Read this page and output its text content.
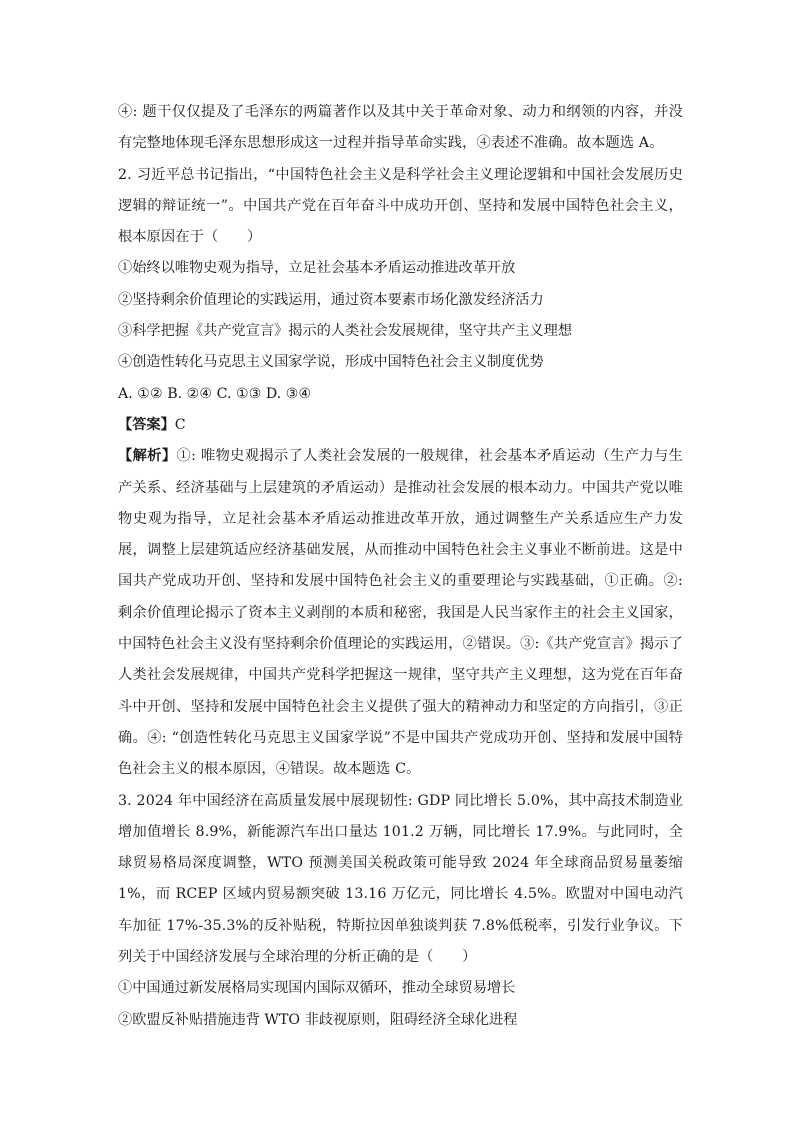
④: 题干仅仅提及了毛泽东的两篇著作以及其中关于革命对象、动力和纲领的内容，并没有完整地体现毛泽东思想形成这一过程并指导革命实践，④表述不准确。故本题选 A。

2. 习近平总书记指出，“中国特色社会主义是科学社会主义理论逻辑和中国社会发展历史逻辑的辩证统一”。中国共产党在百年奋斗中成功开创、坚持和发展中国特色社会主义，根本原因在于（　　）

①始终以唯物史观为指导，立足社会基本矛盾运动推进改革开放

②坚持剩余价值理论的实践运用，通过资本要素市场化激发经济活力

③科学把握《共产党宣言》揭示的人类社会发展规律，坚守共产主义理想

④创造性转化马克思主义国家学说，形成中国特色社会主义制度优势

A. ①② B. ②④ C. ①③ D. ③④

【答案】C

【解析】①: 唯物史观揭示了人类社会发展的一般规律，社会基本矛盾运动（生产力与生产关系、经济基础与上层建筑的矛盾运动）是推动社会发展的根本动力。中国共产党以唯物史观为指导，立足社会基本矛盾运动推进改革开放，通过调整生产关系适应生产力发展，调整上层建筑适应经济基础发展，从而推动中国特色社会主义事业不断前进。这是中国共产党成功开创、坚持和发展中国特色社会主义的重要理论与实践基础，①正确。②: 剩余价值理论揭示了资本主义剥削的本质和秘密，我国是人民当家作主的社会主义国家，中国特色社会主义没有坚持剩余价值理论的实践运用，②错误。③:《共产党宣言》揭示了人类社会发展规律，中国共产党科学把握这一规律，坚守共产主义理想，这为党在百年奋斗中开创、坚持和发展中国特色社会主义提供了强大的精神动力和坚定的方向指引，③正确。④: “创造性转化马克思主义国家学说”不是中国共产党成功开创、坚持和发展中国特色社会主义的根本原因，④错误。故本题选 C。

3. 2024 年中国经济在高质量发展中展现韧性: GDP 同比增长 5.0%，其中高技术制造业增加值增长 8.9%，新能源汽车出口量达 101.2 万辆，同比增长 17.9%。与此同时，全球贸易格局深度调整，WTO 预测美国关税政策可能导致 2024 年全球商品贸易量萎缩 1%，而 RCEP 区域内贸易额突破 13.16 万亿元，同比增长 4.5%。欧盟对中国电动汽车加征 17%-35.3%的反补贴税，特斯拉因单独谈判获 7.8%低税率，引发行业争议。下列关于中国经济发展与全球治理的分析正确的是（　　）

①中国通过新发展格局实现国内国际双循环，推动全球贸易增长

②欧盟反补贴措施违背 WTO 非歧视原则，阻碍经济全球化进程
